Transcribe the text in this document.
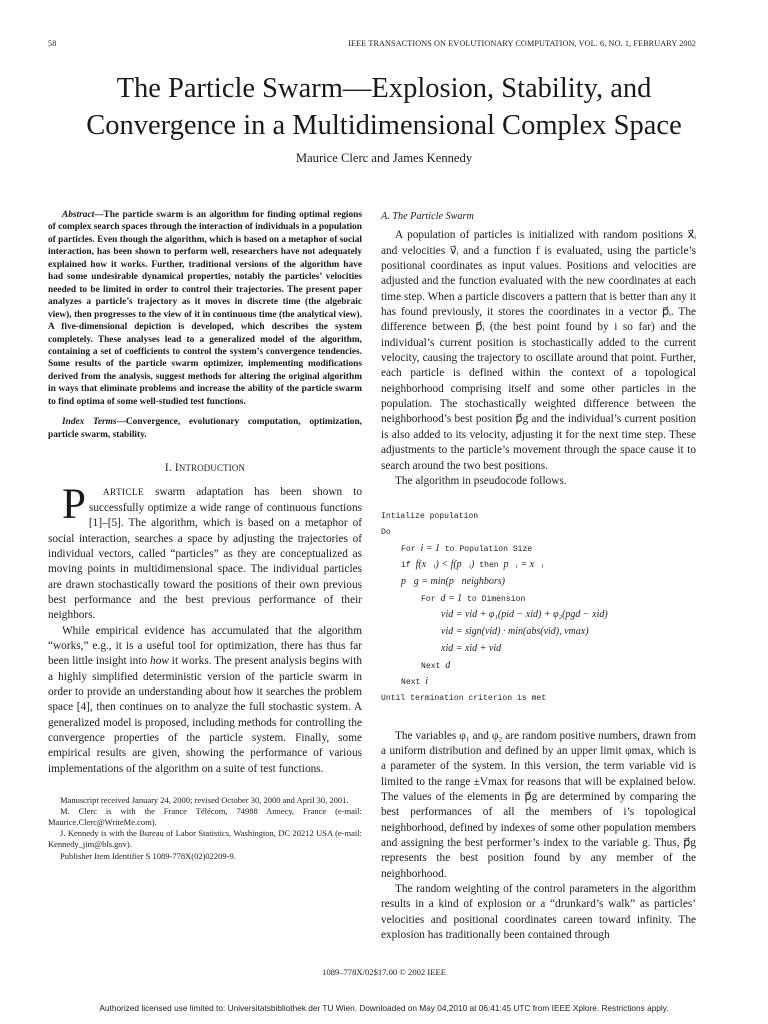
58	IEEE TRANSACTIONS ON EVOLUTIONARY COMPUTATION, VOL. 6, NO. 1, FEBRUARY 2002
The Particle Swarm—Explosion, Stability, and
Convergence in a Multidimensional Complex Space
Maurice Clerc and James Kennedy

Abstract—The particle swarm is an algorithm for finding optimal regions of complex search spaces through the interaction of individuals in a population of particles. Even though the algorithm, which is based on a metaphor of social interaction, has been shown to perform well, researchers have not adequately explained how it works. Further, traditional versions of the algorithm have had some undesirable dynamical properties, notably the particles’ velocities needed to be limited in order to control their trajectories. The present paper analyzes a particle’s trajectory as it moves in discrete time (the algebraic view), then progresses to the view of it in continuous time (the analytical view). A five-dimensional depiction is developed, which describes the system completely. These analyses lead to a generalized model of the algorithm, containing a set of coefficients to control the system’s convergence tendencies. Some results of the particle swarm optimizer, implementing modifications derived from the analysis, suggest methods for altering the original algorithm in ways that eliminate problems and increase the ability of the particle swarm to find optima of some well-studied test functions.

Index Terms—Convergence, evolutionary computation, optimization, particle swarm, stability.

I. INTRODUCTION

P ARTICLE swarm adaptation has been shown to successfully optimize a wide range of continuous functions [1]–[5]. The algorithm, which is based on a metaphor of social interaction, searches a space by adjusting the trajectories of individual vectors, called “particles” as they are conceptualized as moving points in multidimensional space. The individual particles are drawn stochastically toward the positions of their own previous best performance and the best previous performance of their neighbors.

While empirical evidence has accumulated that the algorithm “works,” e.g., it is a useful tool for optimization, there has thus far been little insight into how it works. The present analysis begins with a highly simplified deterministic version of the particle swarm in order to provide an understanding about how it searches the problem space [4], then continues on to analyze the full stochastic system. A generalized model is proposed, including methods for controlling the convergence properties of the particle system. Finally, some empirical results are given, showing the performance of various implementations of the algorithm on a suite of test functions.

Manuscript received January 24, 2000; revised October 30, 2000 and April 30, 2001.

M. Clerc is with the France Télécom, 74988 Annecy, France (e-mail: Maurice.Clerc@WriteMe.com).

J. Kennedy is with the Bureau of Labor Statistics, Washington, DC 20212 USA (e-mail: Kennedy_jim@bls.gov).

Publisher Item Identifier S 1089-778X(02)02209-9.

A. The Particle Swarm

A population of particles is initialized with random positions x⃗ᵢ and velocities v⃗ᵢ and a function f is evaluated, using the particle’s positional coordinates as input values. Positions and velocities are adjusted and the function evaluated with the new coordinates at each time step. When a particle discovers a pattern that is better than any it has found previously, it stores the coordinates in a vector p⃗ᵢ. The difference between p⃗ᵢ (the best point found by i so far) and the individual’s current position is stochastically added to the current velocity, causing the trajectory to oscillate around that point. Further, each particle is defined within the context of a topological neighborhood comprising itself and some other particles in the population. The stochastically weighted difference between the neighborhood’s best position p⃗g and the individual’s current position is also added to its velocity, adjusting it for the next time step. These adjustments to the particle’s movement through the space cause it to search around the two best positions.

The algorithm in pseudocode follows.

Intialize population
Do
For i = 1 to Population Size
if f(x⃗ᵢ) < f(p⃗ᵢ) then p⃗ᵢ = x⃗ᵢ
p⃗g = min(p⃗neighbors)
For d = 1 to Dimension
vid = vid + φ₁(pid − xid) + φ₂(pgd − xid)
vid = sign(vid) · min(abs(vid), vmax)
xid = xid + vid
Next d
Next i
Until termination criterion is met

The variables φ₁ and φ₂ are random positive numbers, drawn from a uniform distribution and defined by an upper limit φmax, which is a parameter of the system. In this version, the term variable vid is limited to the range ±Vmax for reasons that will be explained below. The values of the elements in p⃗g are determined by comparing the best performances of all the members of i’s topological neighborhood, defined by indexes of some other population members and assigning the best performer’s index to the variable g. Thus, p⃗g represents the best position found by any member of the neighborhood.

The random weighting of the control parameters in the algorithm results in a kind of explosion or a “drunkard’s walk” as particles’ velocities and positional coordinates careen toward infinity. The explosion has traditionally been contained through

1089–778X/02$17.00 © 2002 IEEE
Authorized licensed use limited to: Universitatsbibliothek der TU Wien. Downloaded on May 04,2010 at 06:41:45 UTC from IEEE Xplore. Restrictions apply.
